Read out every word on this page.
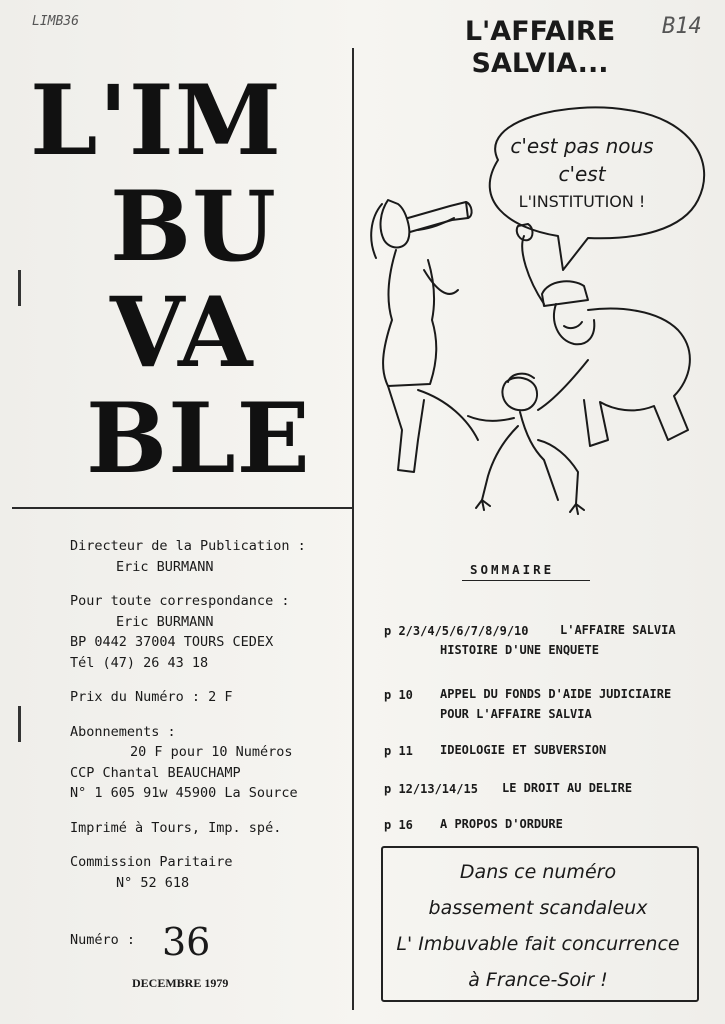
LIMB36	B14
L'IM
BU
VA
BLE
L'AFFAIRE
SALVIA...
c'est pas nous
c'est
L'INSTITUTION !
Directeur de la Publication :
Eric BURMANN
Pour toute correspondance :
Eric BURMANN
BP 0442 37004 TOURS CEDEX
Tél (47) 26 43 18
Prix du Numéro : 2 F
Abonnements :
20 F pour 10 Numéros
CCP Chantal BEAUCHAMP
N° 1 605 91w 45900 La Source
Imprimé à Tours, Imp. spé.
Commission Paritaire
N° 52 618
Numéro : 36
DECEMBRE 1979
SOMMAIRE
p 2/3/4/5/6/7/8/9/10	L'AFFAIRE SALVIA
HISTOIRE D'UNE ENQUETE
p 10 APPEL DU FONDS D'AIDE JUDICIAIRE
POUR L'AFFAIRE SALVIA
p 11 IDEOLOGIE ET SUBVERSION
p 12/13/14/15 LE DROIT AU DELIRE
p 16 A PROPOS D'ORDURE
Dans ce numéro
bassement scandaleux
L' Imbuvable fait concurrence
à France-Soir !
